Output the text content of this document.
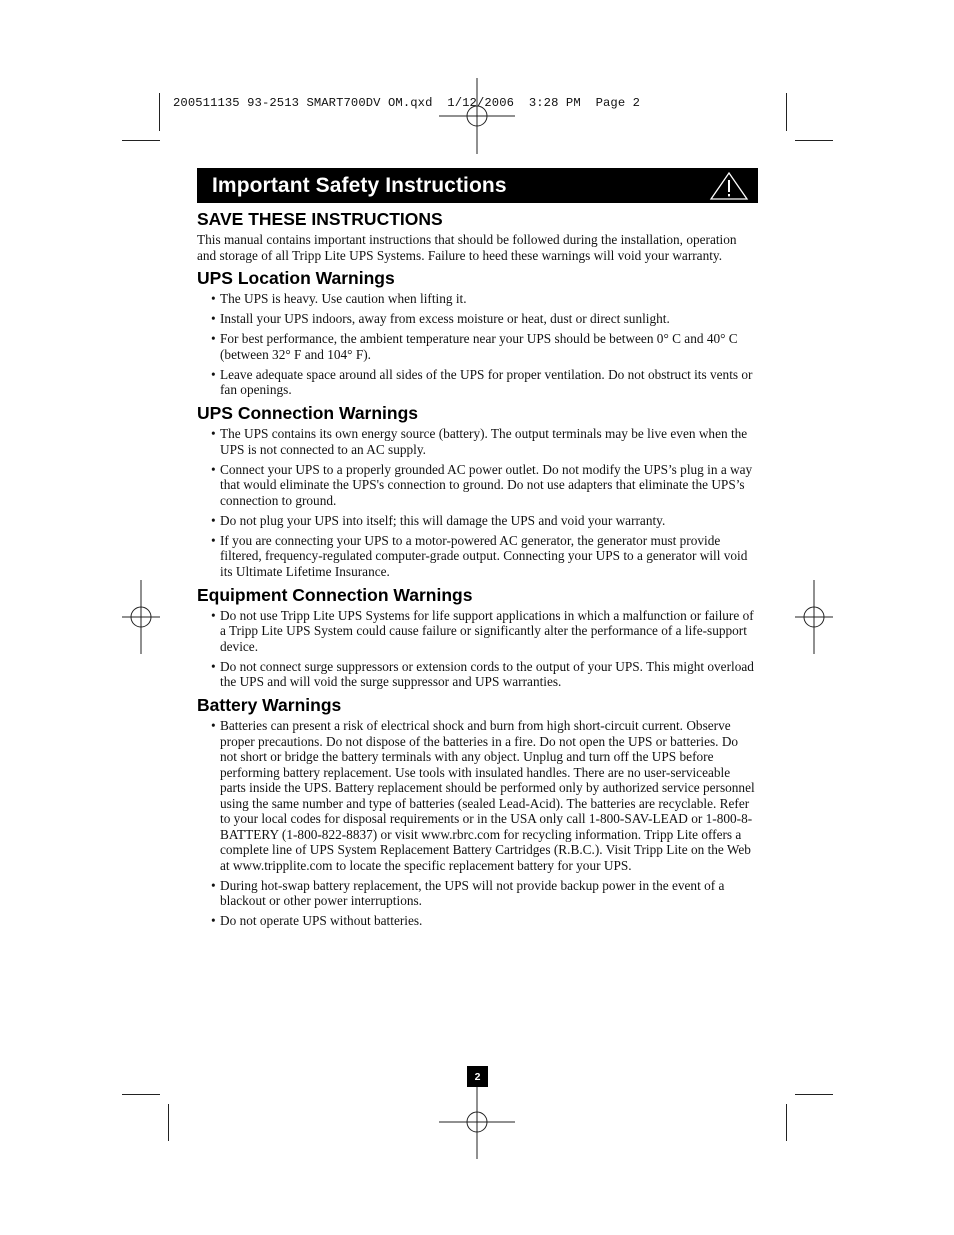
200511135 93-2513 SMART700DV OM.qxd  1/12/2006  3:28 PM  Page 2
Important Safety Instructions
SAVE THESE INSTRUCTIONS

This manual contains important instructions that should be followed during the installation, operation and storage of all Tripp Lite UPS Systems. Failure to heed these warnings will void your warranty.

UPS Location Warnings
• The UPS is heavy. Use caution when lifting it.
• Install your UPS indoors, away from excess moisture or heat, dust or direct sunlight.
• For best performance, the ambient temperature near your UPS should be between 0° C and 40° C (between 32° F and 104° F).
• Leave adequate space around all sides of the UPS for proper ventilation. Do not obstruct its vents or fan openings.
UPS Connection Warnings
• The UPS contains its own energy source (battery). The output terminals may be live even when the UPS is not connected to an AC supply.
• Connect your UPS to a properly grounded AC power outlet. Do not modify the UPS’s plug in a way that would eliminate the UPS's connection to ground. Do not use adapters that eliminate the UPS’s connection to ground.
• Do not plug your UPS into itself; this will damage the UPS and void your warranty.
• If you are connecting your UPS to a motor-powered AC generator, the generator must provide filtered, frequency-regulated computer-grade output. Connecting your UPS to a generator will void its Ultimate Lifetime Insurance.
Equipment Connection Warnings
• Do not use Tripp Lite UPS Systems for life support applications in which a malfunction or failure of a Tripp Lite UPS System could cause failure or significantly alter the performance of a life-support device.
• Do not connect surge suppressors or extension cords to the output of your UPS. This might overload the UPS and will void the surge suppressor and UPS warranties.
Battery Warnings
• Batteries can present a risk of electrical shock and burn from high short-circuit current. Observe proper precautions. Do not dispose of the batteries in a fire. Do not open the UPS or batteries. Do not short or bridge the battery terminals with any object. Unplug and turn off the UPS before performing battery replacement. Use tools with insulated handles. There are no user-serviceable parts inside the UPS. Battery replacement should be performed only by authorized service personnel using the same number and type of batteries (sealed Lead-Acid). The batteries are recyclable. Refer to your local codes for disposal requirements or in the USA only call 1-800-SAV-LEAD or 1-800-8-BATTERY (1-800-822-8837) or visit www.rbrc.com for recycling information. Tripp Lite offers a complete line of UPS System Replacement Battery Cartridges (R.B.C.). Visit Tripp Lite on the Web at www.tripplite.com to locate the specific replacement battery for your UPS.
• During hot-swap battery replacement, the UPS will not provide backup power in the event of a blackout or other power interruptions.
• Do not operate UPS without batteries.
2
